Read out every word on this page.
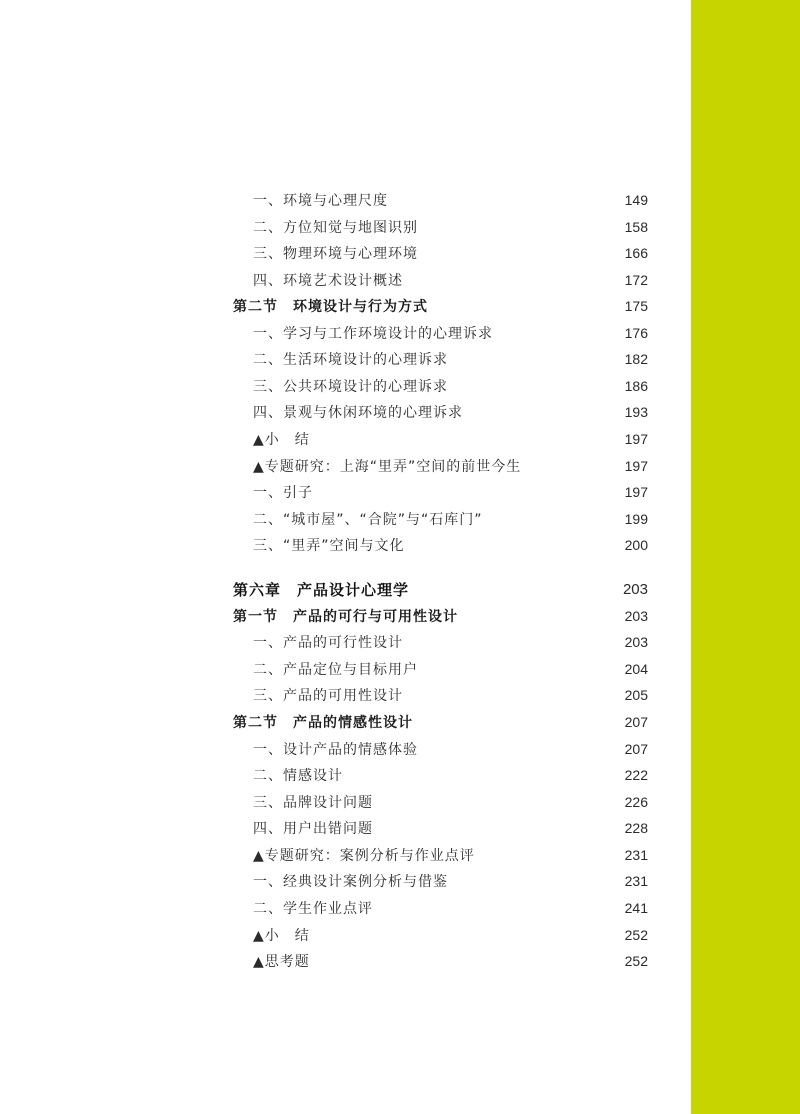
一、环境与心理尺度	149
二、方位知觉与地图识别	158
三、物理环境与心理环境	166
四、环境艺术设计概述	172
第二节　环境设计与行为方式	175
一、学习与工作环境设计的心理诉求	176
二、生活环境设计的心理诉求	182
三、公共环境设计的心理诉求	186
四、景观与休闲环境的心理诉求	193
▲小　结	197
▲专题研究：上海“里弄”空间的前世今生	197
一、引子	197
二、“城市屋”、“合院”与“石库门”	199
三、“里弄”空间与文化	200
第六章　产品设计心理学	203
第一节　产品的可行与可用性设计	203
一、产品的可行性设计	203
二、产品定位与目标用户	204
三、产品的可用性设计	205
第二节　产品的情感性设计	207
一、设计产品的情感体验	207
二、情感设计	222
三、品牌设计问题	226
四、用户出错问题	228
▲专题研究：案例分析与作业点评	231
一、经典设计案例分析与借鉴	231
二、学生作业点评	241
▲小　结	252
▲思考题	252
